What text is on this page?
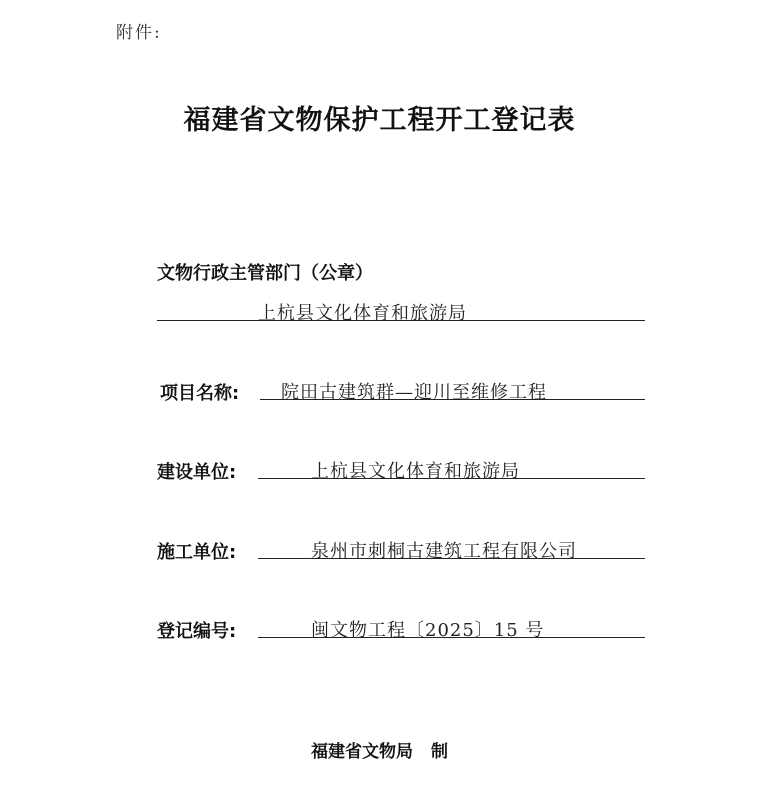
附件:
福建省文物保护工程开工登记表
文物行政主管部门（公章）
上杭县文化体育和旅游局
项目名称: 院田古建筑群—迎川至维修工程
建设单位:	上杭县文化体育和旅游局
施工单位:	泉州市刺桐古建筑工程有限公司
登记编号:	闽文物工程〔2025〕15 号
福建省文物局 制
